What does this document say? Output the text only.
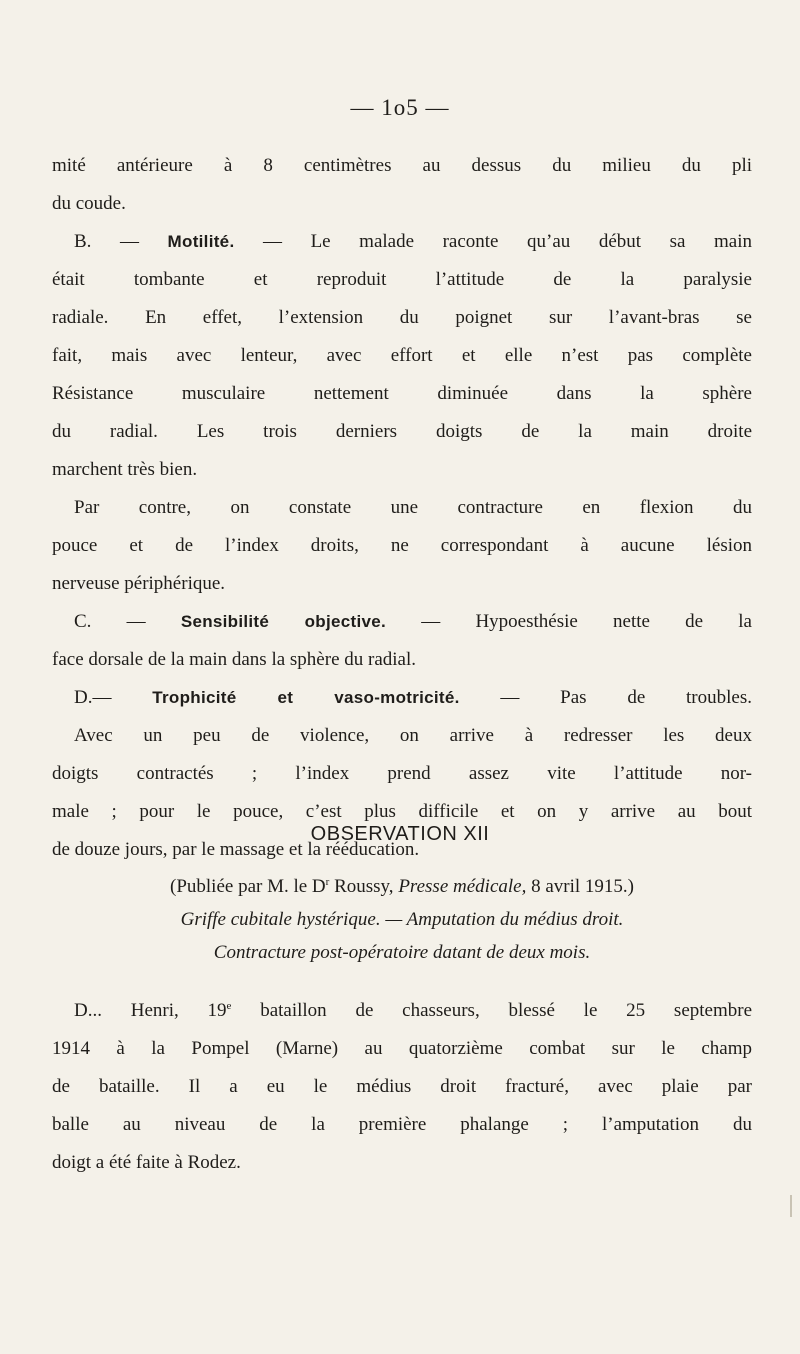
— 1o5 —
mité antérieure à 8 centimètres au dessus du milieu du pli
du coude.
B. — Motilité. — Le malade raconte qu’au début sa main
était tombante et reproduit l’attitude de la paralysie
radiale. En effet, l’extension du poignet sur l’avant-bras se
fait, mais avec lenteur, avec effort et elle n’est pas complète
Résistance musculaire nettement diminuée dans la sphère
du radial. Les trois derniers doigts de la main droite
marchent très bien.
Par contre, on constate une contracture en flexion du
pouce et de l’index droits, ne correspondant à aucune lésion
nerveuse périphérique.
C. — Sensibilité objective. — Hypoesthésie nette de la
face dorsale de la main dans la sphère du radial.
D.— Trophicité et vaso-motricité. — Pas de troubles.
Avec un peu de violence, on arrive à redresser les deux
doigts contractés ; l’index prend assez vite l’attitude nor-
male ; pour le pouce, c’est plus difficile et on y arrive au bout
de douze jours, par le massage et la rééducation.
OBSERVATION XII
(Publiée par M. le $D^r$ Roussy, Presse médicale, 8 avril 1915.)
Griffe cubitale hystérique. — Amputation du médius droit.
Contracture post-opératoire datant de deux mois.
D... Henri, 19e bataillon de chasseurs, blessé le 25 septembre
1914 à la Pompel (Marne) au quatorzième combat sur le champ
de bataille. Il a eu le médius droit fracturé, avec plaie par
balle au niveau de la première phalange ; l’amputation du
doigt a été faite à Rodez.
